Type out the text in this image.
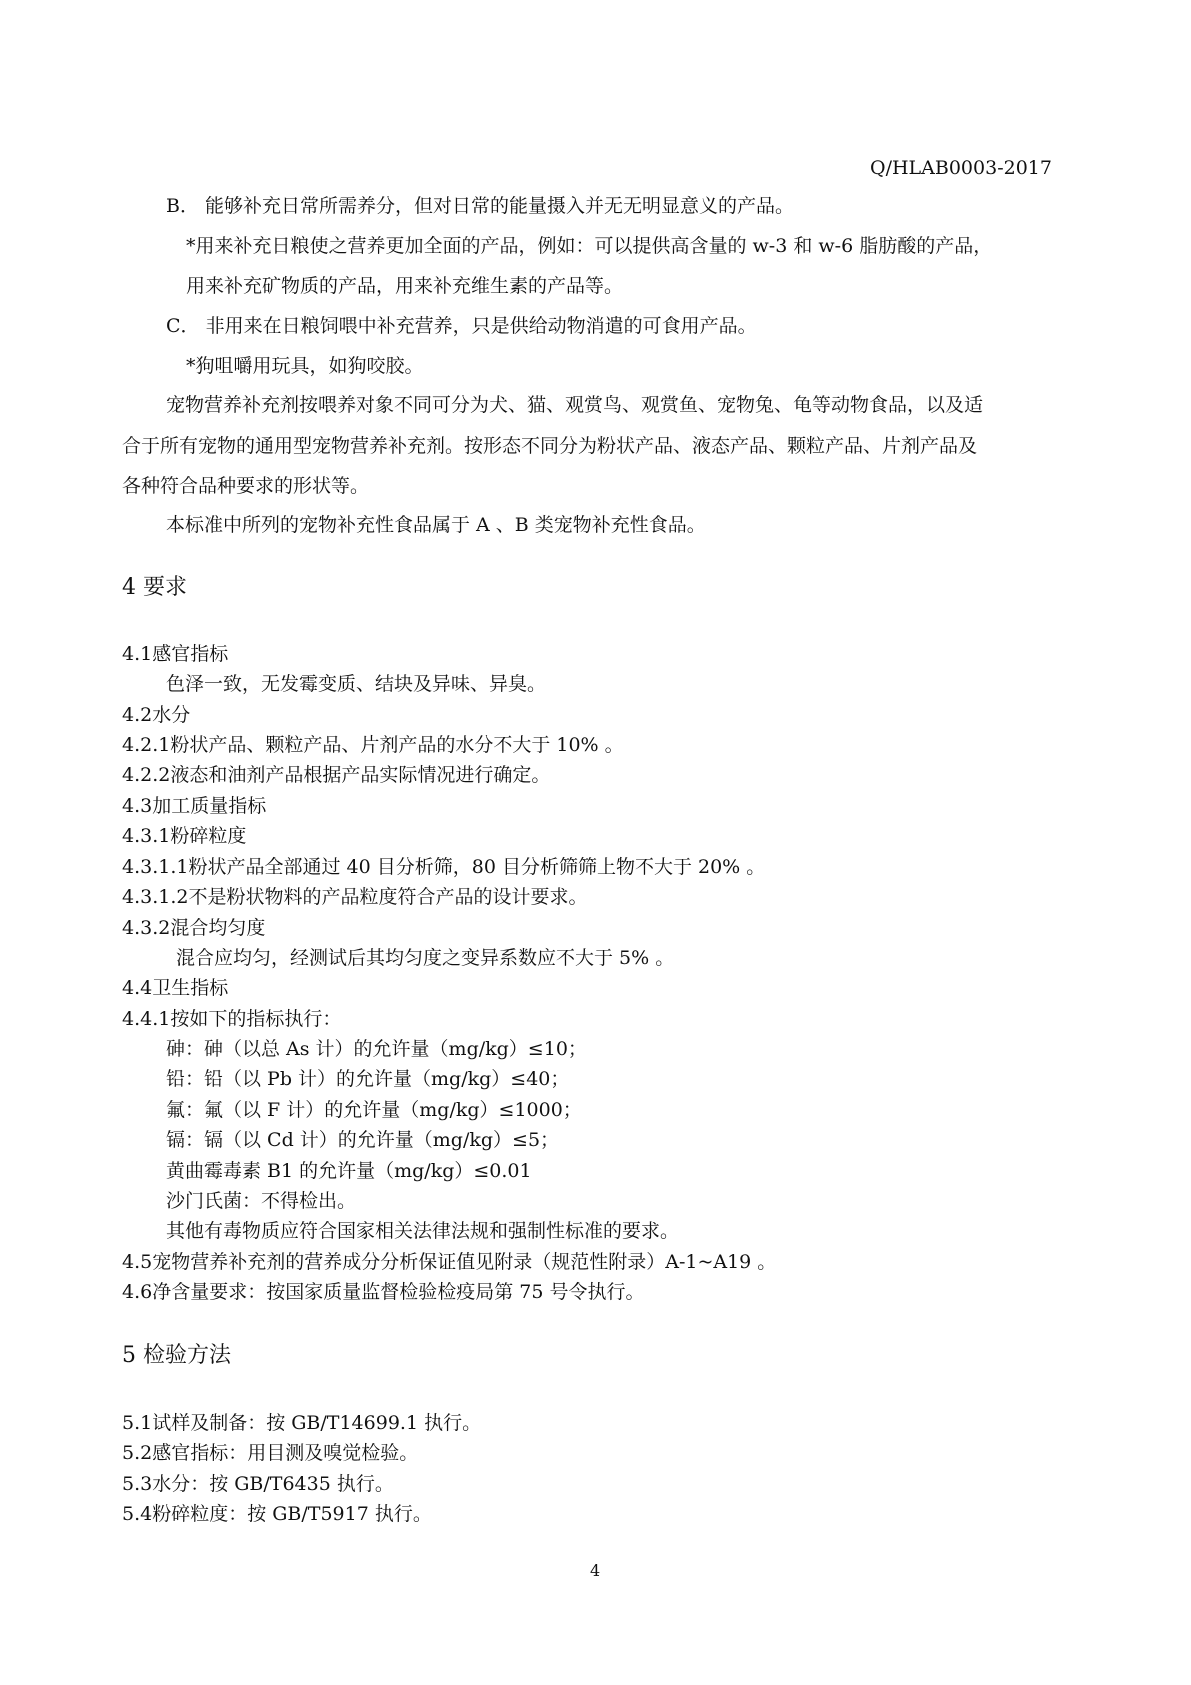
Q/HLAB0003-2017
B． 能够补充日常所需养分，但对日常的能量摄入并无无明显意义的产品。
*用来补充日粮使之营养更加全面的产品，例如：可以提供高含量的 w-3 和 w-6 脂肪酸的产品，
用来补充矿物质的产品，用来补充维生素的产品等。
C． 非用来在日粮饲喂中补充营养，只是供给动物消遣的可食用产品。
*狗咀嚼用玩具，如狗咬胶。
宠物营养补充剂按喂养对象不同可分为犬、猫、观赏鸟、观赏鱼、宠物兔、龟等动物食品，以及适
合于所有宠物的通用型宠物营养补充剂。按形态不同分为粉状产品、液态产品、颗粒产品、片剂产品及
各种符合品种要求的形状等。
本标准中所列的宠物补充性食品属于 A 、B 类宠物补充性食品。
4 要求
4.1感官指标
色泽一致，无发霉变质、结块及异味、异臭。
4.2水分
4.2.1粉状产品、颗粒产品、片剂产品的水分不大于 10% 。
4.2.2液态和油剂产品根据产品实际情况进行确定。
4.3加工质量指标
4.3.1粉碎粒度
4.3.1.1粉状产品全部通过 40 目分析筛，80 目分析筛筛上物不大于 20% 。
4.3.1.2不是粉状物料的产品粒度符合产品的设计要求。
4.3.2混合均匀度
混合应均匀，经测试后其均匀度之变异系数应不大于 5% 。
4.4卫生指标
4.4.1按如下的指标执行：
砷：砷（以总 As 计）的允许量（mg/kg）≤10；
铅：铅（以 Pb 计）的允许量（mg/kg）≤40；
氟：氟（以 F 计）的允许量（mg/kg）≤1000；
镉：镉（以 Cd 计）的允许量（mg/kg）≤5；
黄曲霉毒素 B1 的允许量（mg/kg）≤0.01
沙门氏菌：不得检出。
其他有毒物质应符合国家相关法律法规和强制性标准的要求。
4.5宠物营养补充剂的营养成分分析保证值见附录（规范性附录）A-1~A19 。
4.6净含量要求：按国家质量监督检验检疫局第 75 号令执行。
5 检验方法
5.1试样及制备：按 GB/T14699.1 执行。
5.2感官指标：用目测及嗅觉检验。
5.3水分：按 GB/T6435 执行。
5.4粉碎粒度：按 GB/T5917 执行。
4
